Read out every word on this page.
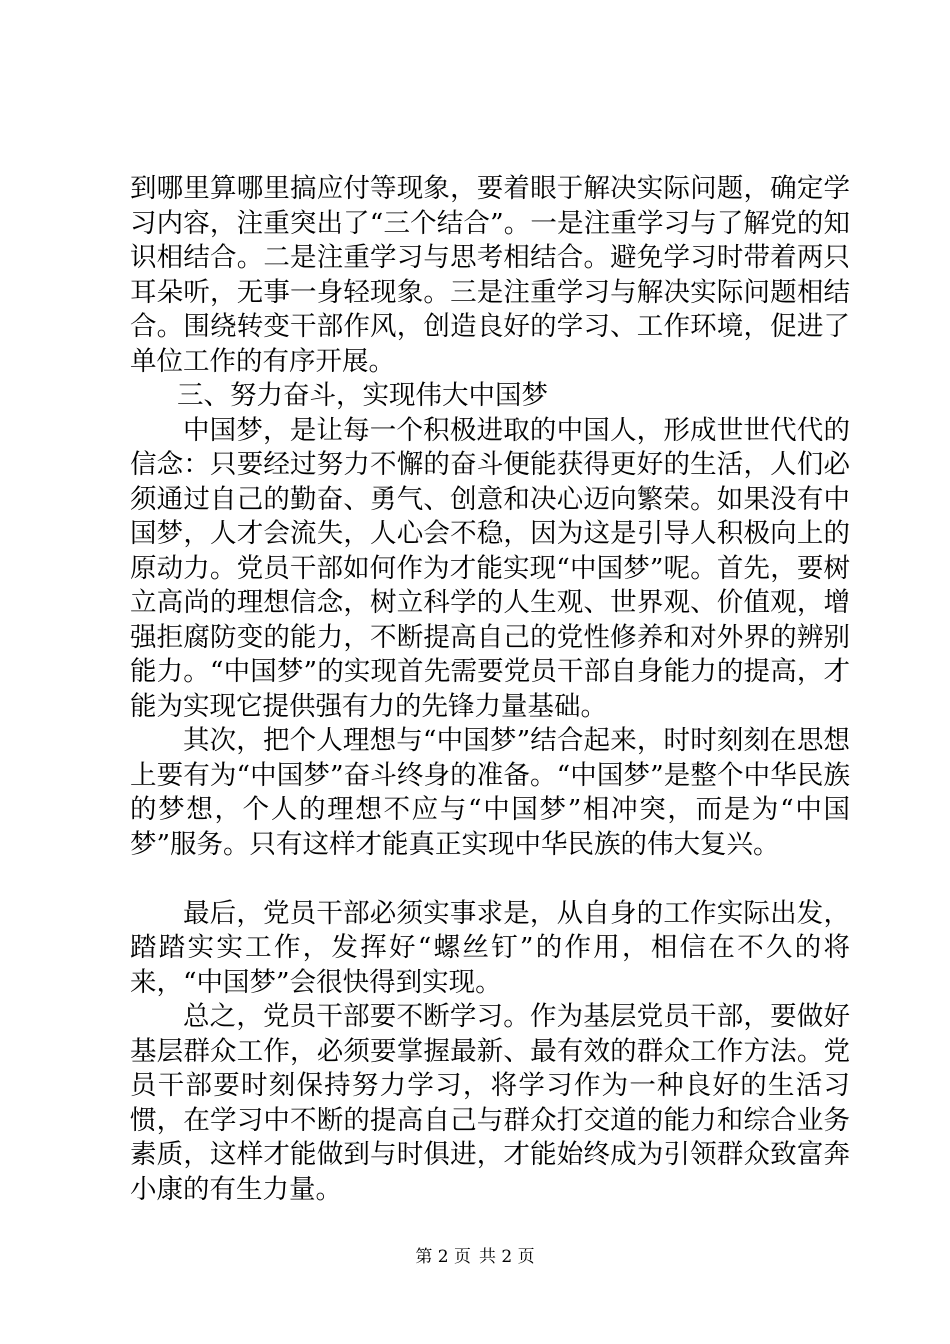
到哪里算哪里搞应付等现象，要着眼于解决实际问题，确定学习内容，注重突出了“三个结合”。一是注重学习与了解党的知识相结合。二是注重学习与思考相结合。避免学习时带着两只耳朵听，无事一身轻现象。三是注重学习与解决实际问题相结合。围绕转变干部作风，创造良好的学习、工作环境，促进了单位工作的有序开展。

三、努力奋斗，实现伟大中国梦

中国梦，是让每一个积极进取的中国人，形成世世代代的信念：只要经过努力不懈的奋斗便能获得更好的生活，人们必须通过自己的勤奋、勇气、创意和决心迈向繁荣。如果没有中国梦，人才会流失，人心会不稳，因为这是引导人积极向上的原动力。党员干部如何作为才能实现“中国梦”呢。首先，要树立高尚的理想信念，树立科学的人生观、世界观、价值观，增强拒腐防变的能力，不断提高自己的党性修养和对外界的辨别能力。“中国梦”的实现首先需要党员干部自身能力的提高，才能为实现它提供强有力的先锋力量基础。

其次，把个人理想与“中国梦”结合起来，时时刻刻在思想上要有为“中国梦”奋斗终身的准备。“中国梦”是整个中华民族的梦想，个人的理想不应与“中国梦”相冲突，而是为“中国梦”服务。只有这样才能真正实现中华民族的伟大复兴。

最后，党员干部必须实事求是，从自身的工作实际出发，踏踏实实工作，发挥好“螺丝钉”的作用，相信在不久的将来，“中国梦”会很快得到实现。

总之，党员干部要不断学习。作为基层党员干部，要做好基层群众工作，必须要掌握最新、最有效的群众工作方法。党员干部要时刻保持努力学习，将学习作为一种良好的生活习惯，在学习中不断的提高自己与群众打交道的能力和综合业务素质，这样才能做到与时俱进，才能始终成为引领群众致富奔小康的有生力量。

第 2 页 共 2 页
